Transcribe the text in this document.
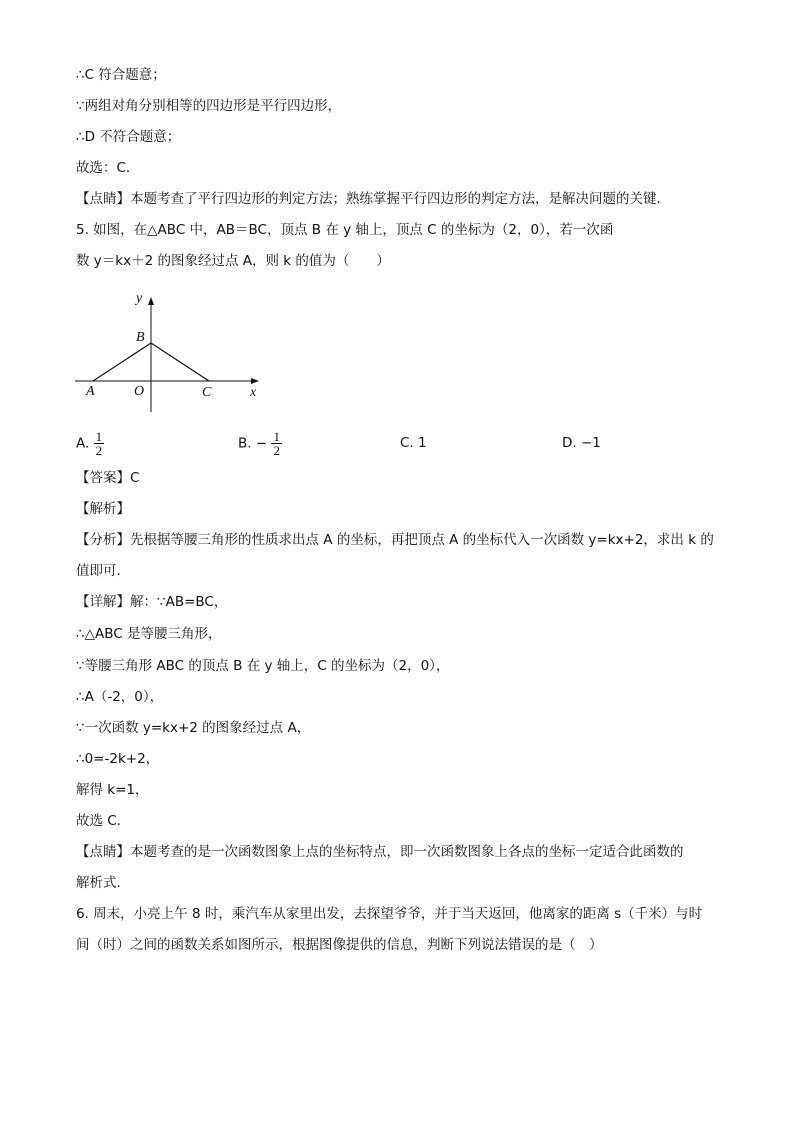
∴C 符合题意；
∵两组对角分别相等的四边形是平行四边形，
∴D 不符合题意；
故选：C．
【点睛】本题考查了平行四边形的判定方法；熟练掌握平行四边形的判定方法，是解决问题的关键．
5. 如图，在△ABC 中，AB＝BC，顶点 B 在 y 轴上，顶点 C 的坐标为（2，0），若一次函
数 y＝kx＋2 的图象经过点 A，则 k 的值为（　　）
y
x
B
A	O	C
A. $\frac{1}{2}$	B. − $\frac{1}{2}$	C. 1	D. −1
【答案】C
【解析】
【分析】先根据等腰三角形的性质求出点 A 的坐标，再把顶点 A 的坐标代入一次函数 y=kx+2，求出 k 的
值即可．
【详解】解：∵AB=BC，
∴△ABC 是等腰三角形，
∵等腰三角形 ABC 的顶点 B 在 y 轴上，C 的坐标为（2，0），
∴A（-2，0），
∵一次函数 y=kx+2 的图象经过点 A，
∴0=-2k+2，
解得 k=1，
故选 C．
【点睛】本题考查的是一次函数图象上点的坐标特点，即一次函数图象上各点的坐标一定适合此函数的
解析式．
6. 周末，小亮上午 8 时，乘汽车从家里出发，去探望爷爷，并于当天返回，他离家的距离 s（千米）与时
间（时）之间的函数关系如图所示，根据图像提供的信息，判断下列说法错误的是（　）
